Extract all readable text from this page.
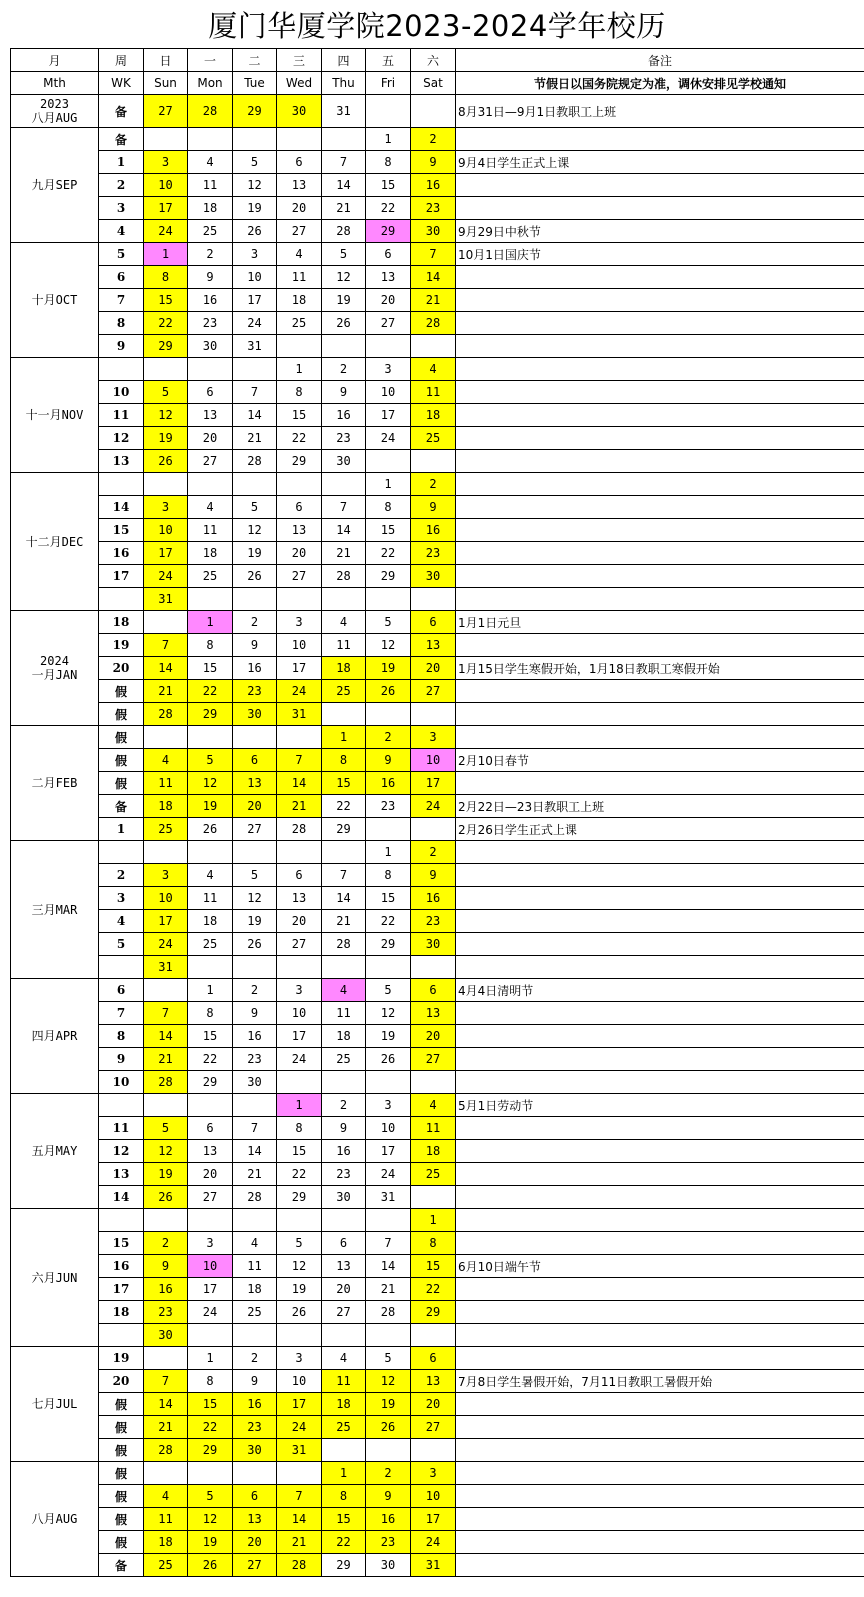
厦门华厦学院2023-2024学年校历
月	周	日	一	二	三	四	五	六	备注
Mth	WK	Sun	Mon	Tue	Wed	Thu	Fri	Sat	节假日以国务院规定为准，调休安排见学校通知
2023
八月AUG	备	27	28	29	30	31			8月31日—9月1日教职工上班
九月SEP	备						1	2	
	1	3	4	5	6	7	8	9	9月4日学生正式上课
	2	10	11	12	13	14	15	16	
	3	17	18	19	20	21	22	23	
	4	24	25	26	27	28	29	30	9月29日中秋节
十月OCT	5	1	2	3	4	5	6	7	10月1日国庆节
	6	8	9	10	11	12	13	14	
	7	15	16	17	18	19	20	21	
	8	22	23	24	25	26	27	28	
	9	29	30	31					
十一月NOV					1	2	3	4	
	10	5	6	7	8	9	10	11	
	11	12	13	14	15	16	17	18	
	12	19	20	21	22	23	24	25	
	13	26	27	28	29	30			
十二月DEC							1	2	
	14	3	4	5	6	7	8	9	
	15	10	11	12	13	14	15	16	
	16	17	18	19	20	21	22	23	
	17	24	25	26	27	28	29	30	
		31							
2024
一月JAN	18		1	2	3	4	5	6	1月1日元旦
	19	7	8	9	10	11	12	13	
	20	14	15	16	17	18	19	20	1月15日学生寒假开始，1月18日教职工寒假开始
	假	21	22	23	24	25	26	27	
	假	28	29	30	31				
二月FEB	假					1	2	3	
	假	4	5	6	7	8	9	10	2月10日春节
	假	11	12	13	14	15	16	17	
	备	18	19	20	21	22	23	24	2月22日—23日教职工上班
	1	25	26	27	28	29			2月26日学生正式上课
三月MAR							1	2	
	2	3	4	5	6	7	8	9	
	3	10	11	12	13	14	15	16	
	4	17	18	19	20	21	22	23	
	5	24	25	26	27	28	29	30	
		31							
四月APR	6		1	2	3	4	5	6	4月4日清明节
	7	7	8	9	10	11	12	13	
	8	14	15	16	17	18	19	20	
	9	21	22	23	24	25	26	27	
	10	28	29	30					
五月MAY					1	2	3	4	5月1日劳动节
	11	5	6	7	8	9	10	11	
	12	12	13	14	15	16	17	18	
	13	19	20	21	22	23	24	25	
	14	26	27	28	29	30	31		
六月JUN								1	
	15	2	3	4	5	6	7	8	
	16	9	10	11	12	13	14	15	6月10日端午节
	17	16	17	18	19	20	21	22	
	18	23	24	25	26	27	28	29	
		30							
七月JUL	19		1	2	3	4	5	6	
	20	7	8	9	10	11	12	13	7月8日学生暑假开始，7月11日教职工暑假开始
	假	14	15	16	17	18	19	20	
	假	21	22	23	24	25	26	27	
	假	28	29	30	31				
八月AUG	假					1	2	3	
	假	4	5	6	7	8	9	10	
	假	11	12	13	14	15	16	17	
	假	18	19	20	21	22	23	24	
	备	25	26	27	28	29	30	31	
